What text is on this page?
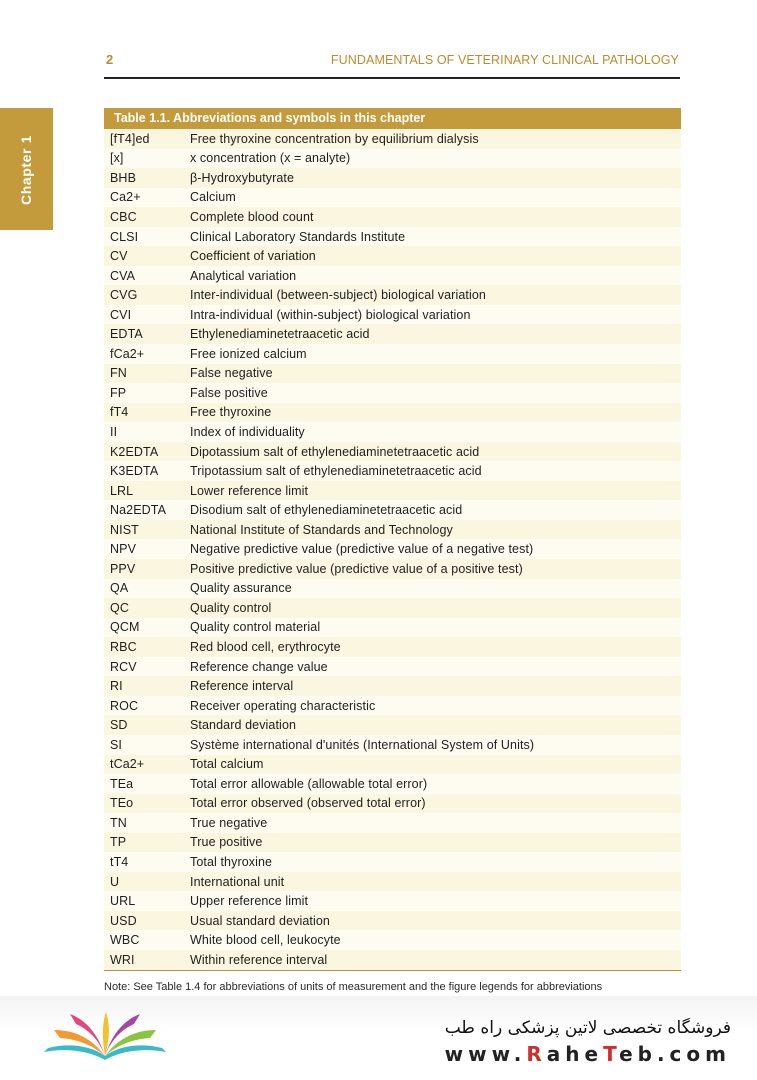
2	FUNDAMENTALS OF VETERINARY CLINICAL PATHOLOGY
Chapter 1
Table 1.1. Abbreviations and symbols in this chapter
[fT4]ed	Free thyroxine concentration by equilibrium dialysis
[x]	x concentration (x = analyte)
BHB	β-Hydroxybutyrate
Ca2+	Calcium
CBC	Complete blood count
CLSI	Clinical Laboratory Standards Institute
CV	Coefficient of variation
CVA	Analytical variation
CVG	Inter-individual (between-subject) biological variation
CVI	Intra-individual (within-subject) biological variation
EDTA	Ethylenediaminetetraacetic acid
fCa2+	Free ionized calcium
FN	False negative
FP	False positive
fT4	Free thyroxine
II	Index of individuality
K2EDTA	Dipotassium salt of ethylenediaminetetraacetic acid
K3EDTA	Tripotassium salt of ethylenediaminetetraacetic acid
LRL	Lower reference limit
Na2EDTA	Disodium salt of ethylenediaminetetraacetic acid
NIST	National Institute of Standards and Technology
NPV	Negative predictive value (predictive value of a negative test)
PPV	Positive predictive value (predictive value of a positive test)
QA	Quality assurance
QC	Quality control
QCM	Quality control material
RBC	Red blood cell, erythrocyte
RCV	Reference change value
RI	Reference interval
ROC	Receiver operating characteristic
SD	Standard deviation
SI	Système international d'unités (International System of Units)
tCa2+	Total calcium
TEa	Total error allowable (allowable total error)
TEo	Total error observed (observed total error)
TN	True negative
TP	True positive
tT4	Total thyroxine
U	International unit
URL	Upper reference limit
USD	Usual standard deviation
WBC	White blood cell, leukocyte
WRI	Within reference interval
Note: See Table 1.4 for abbreviations of units of measurement and the figure legends for abbreviations
فروشگاه تخصصی لاتین پزشکی راه طب
www.RaheTeb.com
